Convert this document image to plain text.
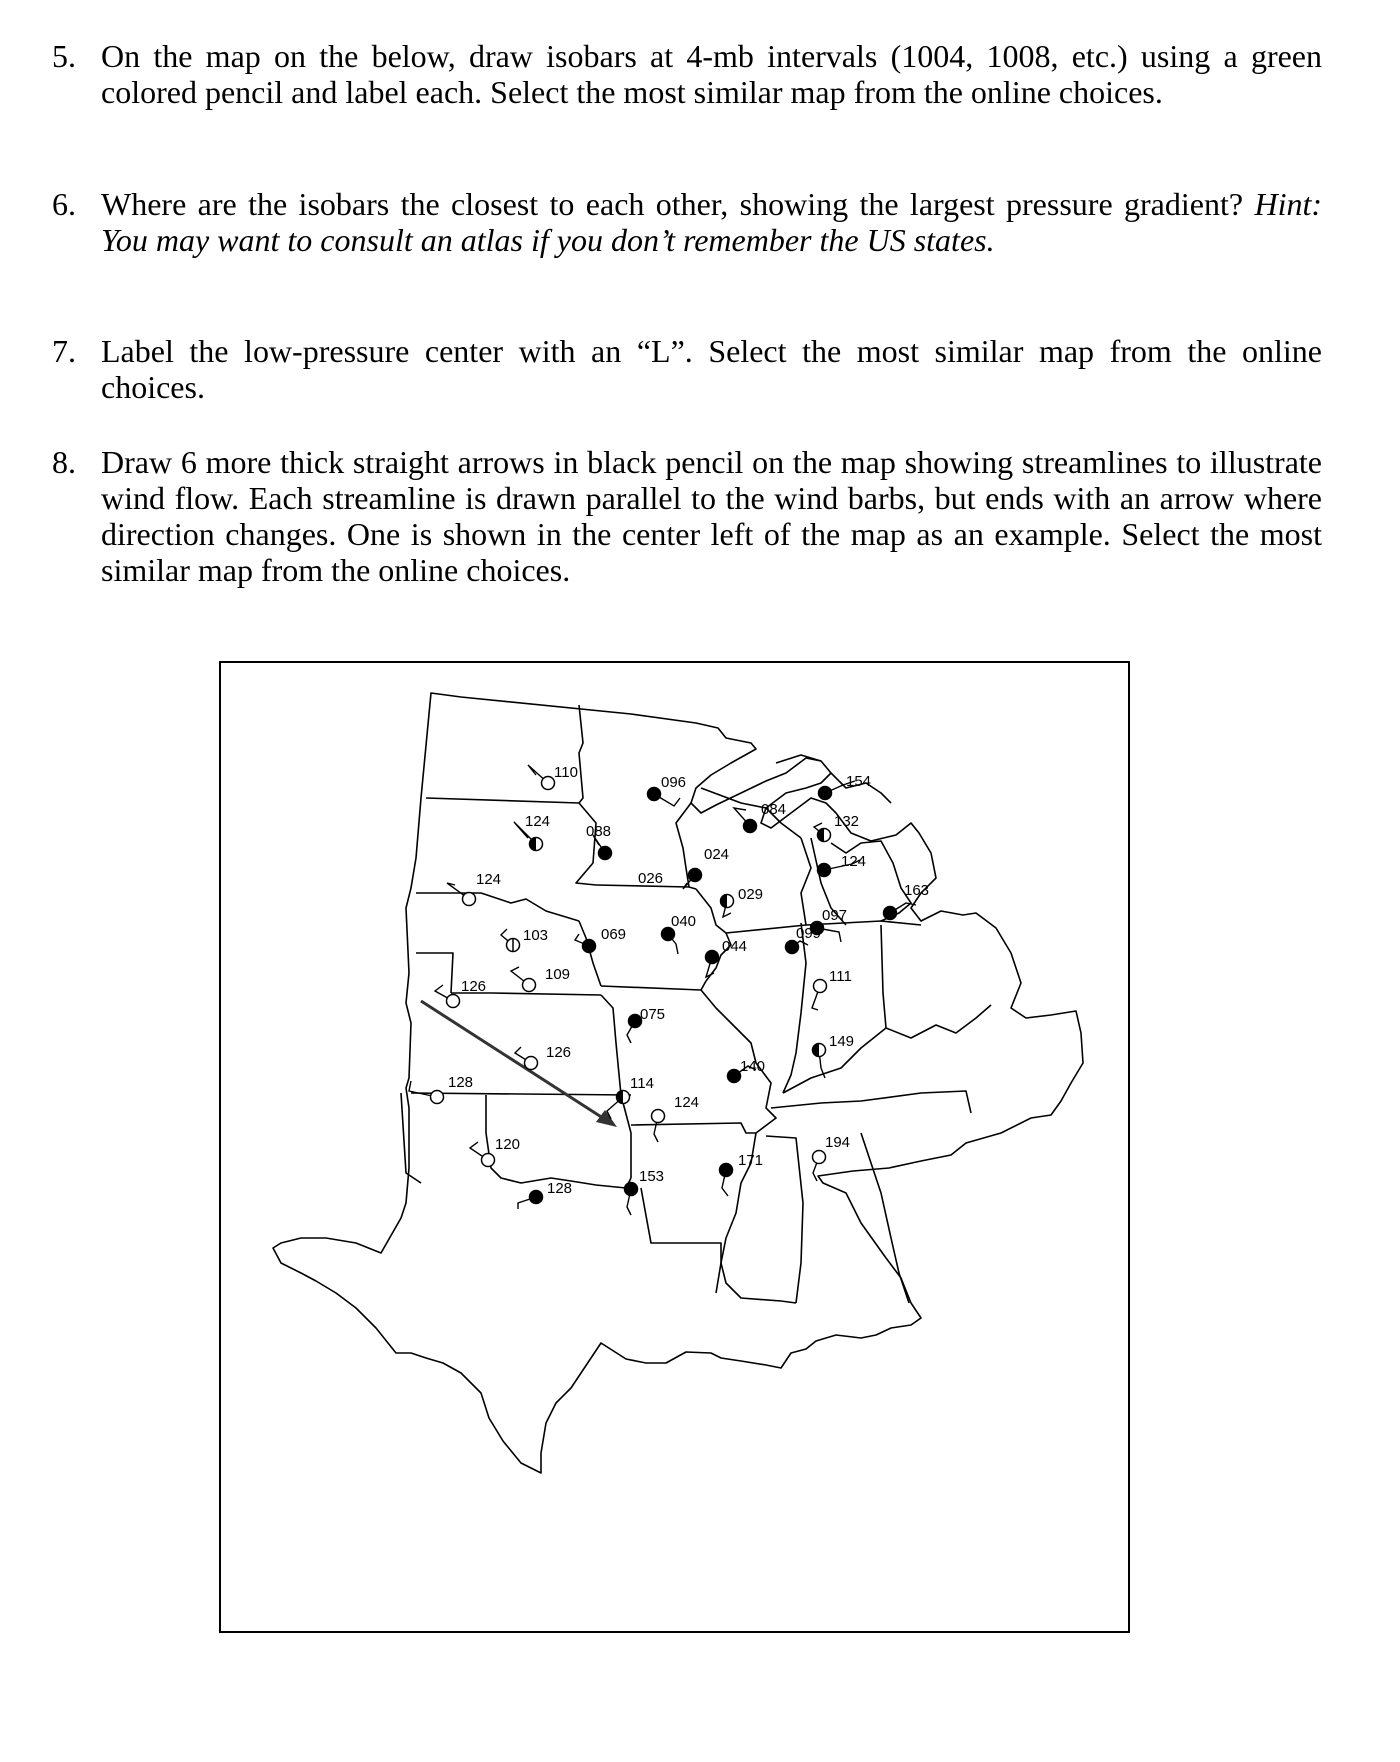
5. On the map on the below, draw isobars at 4-mb intervals (1004, 1008, etc.) using a green colored pencil and label each. Select the most similar map from the online choices.
6. Where are the isobars the closest to each other, showing the largest pressure gradient? Hint: You may want to consult an atlas if you don’t remember the US states.
7. Label the low-pressure center with an “L”. Select the most similar map from the online choices.
8. Draw 6 more thick straight arrows in black pencil on the map showing streamlines to illustrate wind flow. Each streamline is drawn parallel to the wind barbs, but ends with an arrow where direction changes. One is shown in the center left of the map as an example. Select the most similar map from the online choices.
110
124
088
096
084
154
132
124
124	026
024
029	163
097
103	069
040
044
099
111
126
109
075
149
126
140
128	114
124
120	194
171
153
128
